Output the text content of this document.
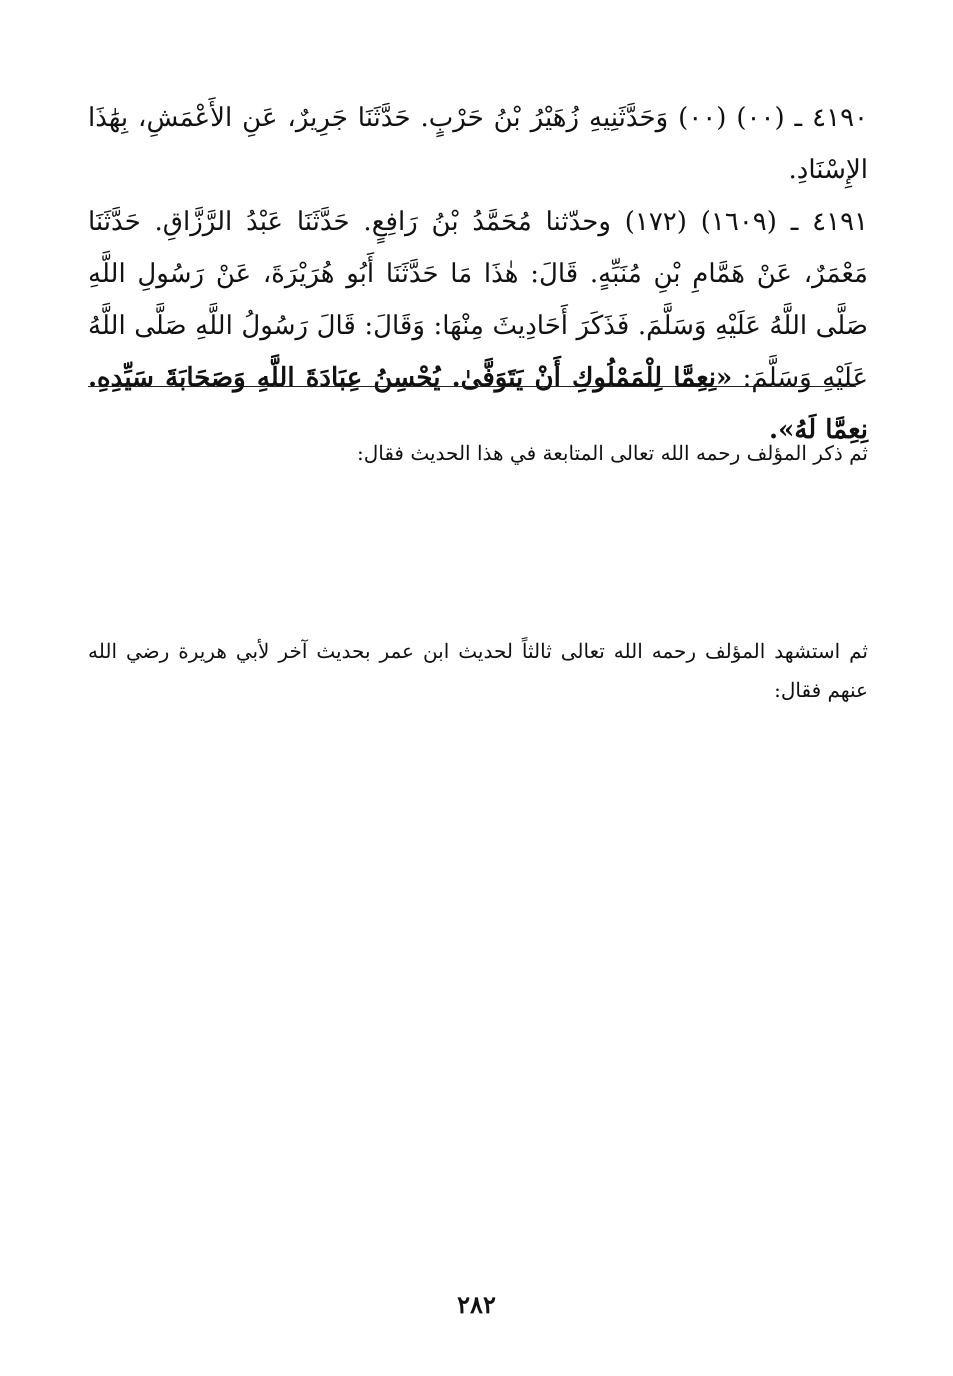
٤١٩٠ ـ (٠٠) (٠٠) وَحَدَّثَنِيهِ زُهَيْرُ بْنُ حَرْبٍ. حَدَّثَنَا جَرِيرٌ، عَنِ الأَعْمَشِ، بِهَٰذَا الإِسْنَادِ.

٤١٩١ ـ (١٦٠٩) (١٧٢) وحدّثنا مُحَمَّدُ بْنُ رَافِعٍ. حَدَّثَنَا عَبْدُ الرَّزَّاقِ. حَدَّثَنَا مَعْمَرٌ، عَنْ هَمَّامِ بْنِ مُنَبِّهٍ. قَالَ: هٰذَا مَا حَدَّثَنَا أَبُو هُرَيْرَةَ، عَنْ رَسُولِ اللَّهِ صَلَّى اللَّهُ عَلَيْهِ وَسَلَّمَ. فَذَكَرَ أَحَادِيثَ مِنْهَا: وَقَالَ: قَالَ رَسُولُ اللَّهِ صَلَّى اللَّهُ عَلَيْهِ وَسَلَّمَ: «نِعِمَّا لِلْمَمْلُوكِ أَنْ يَتَوَفَّىٰ. يُحْسِنُ عِبَادَةَ اللَّهِ وَصَحَابَةَ سَيِّدِهِ. نِعِمَّا لَهُ».

ثم ذكر المؤلف رحمه الله تعالى المتابعة في هذا الحديث فقال:

ثم استشهد المؤلف رحمه الله تعالى ثالثاً لحديث ابن عمر بحديث آخر لأبي هريرة رضي الله عنهم فقال:

٢٨٢
